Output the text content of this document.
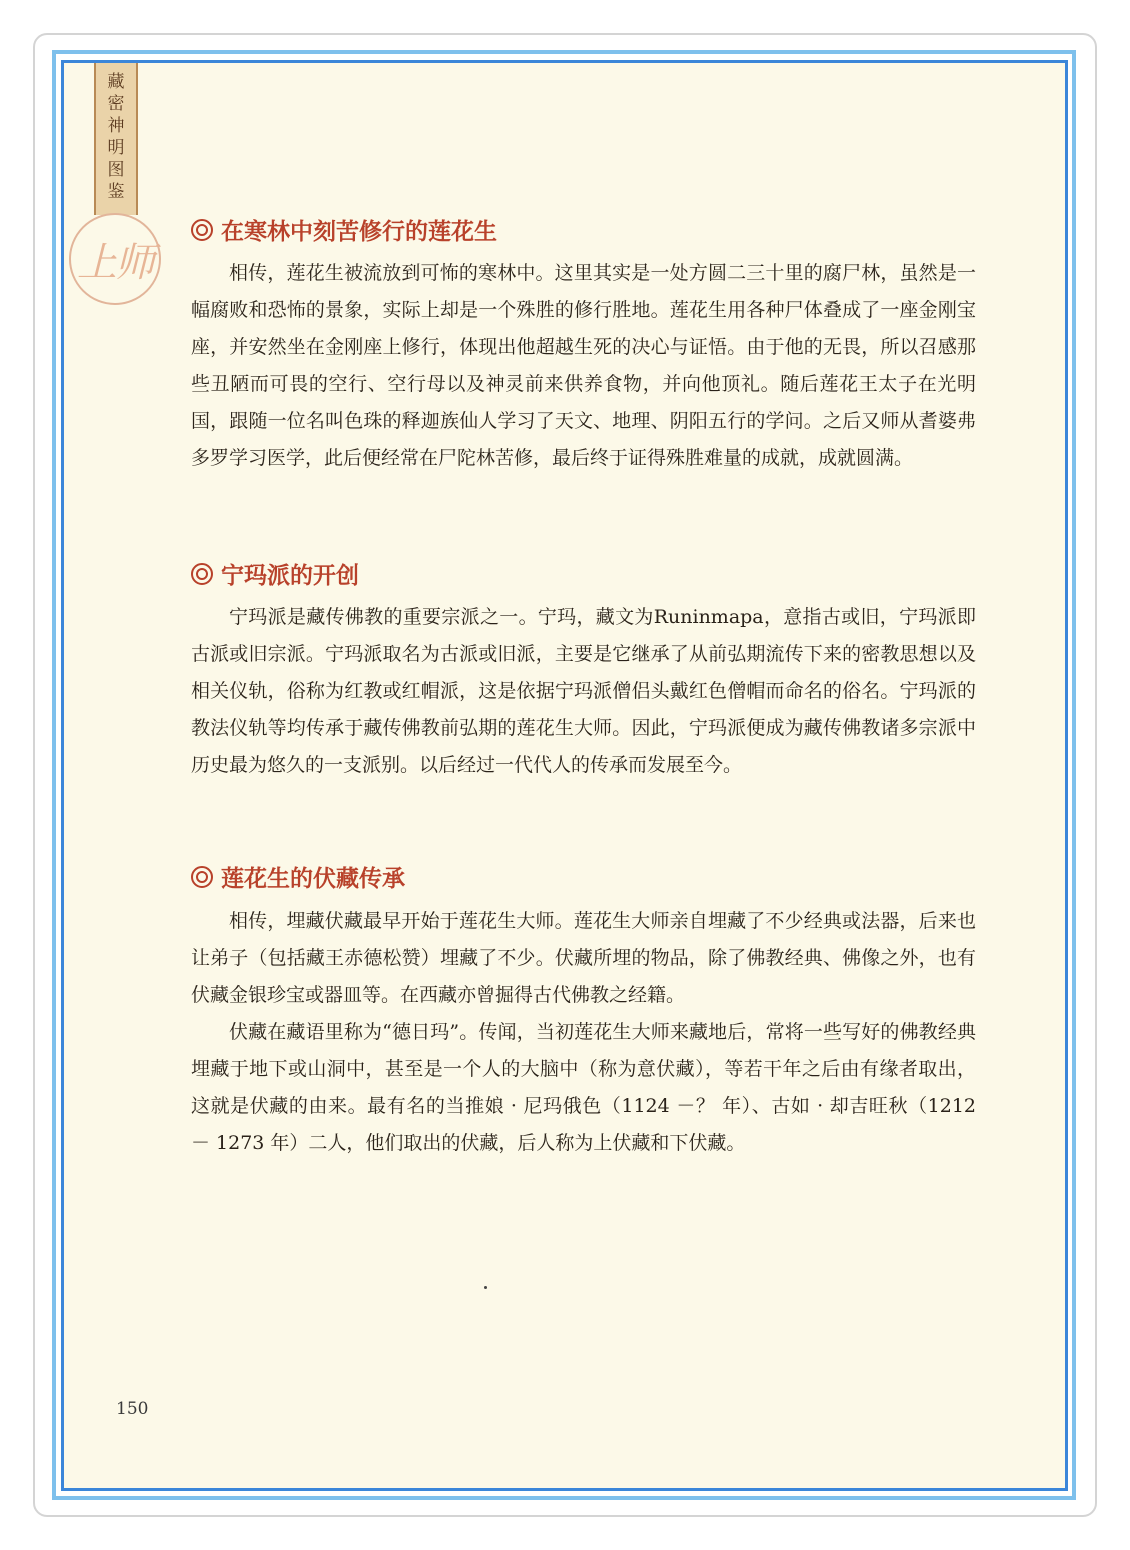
藏密神明图鉴
上师
在寒林中刻苦修行的莲花生

相传，莲花生被流放到可怖的寒林中。这里其实是一处方圆二三十里的腐尸林，虽然是一幅腐败和恐怖的景象，实际上却是一个殊胜的修行胜地。莲花生用各种尸体叠成了一座金刚宝座，并安然坐在金刚座上修行，体现出他超越生死的决心与证悟。由于他的无畏，所以召感那些丑陋而可畏的空行、空行母以及神灵前来供养食物，并向他顶礼。随后莲花王太子在光明国，跟随一位名叫色珠的释迦族仙人学习了天文、地理、阴阳五行的学问。之后又师从耆婆弗多罗学习医学，此后便经常在尸陀林苦修，最后终于证得殊胜难量的成就，成就圆满。

宁玛派的开创

宁玛派是藏传佛教的重要宗派之一。宁玛，藏文为Runinmapa，意指古或旧，宁玛派即古派或旧宗派。宁玛派取名为古派或旧派，主要是它继承了从前弘期流传下来的密教思想以及相关仪轨，俗称为红教或红帽派，这是依据宁玛派僧侣头戴红色僧帽而命名的俗名。宁玛派的教法仪轨等均传承于藏传佛教前弘期的莲花生大师。因此，宁玛派便成为藏传佛教诸多宗派中历史最为悠久的一支派别。以后经过一代代人的传承而发展至今。

莲花生的伏藏传承

相传，埋藏伏藏最早开始于莲花生大师。莲花生大师亲自埋藏了不少经典或法器，后来也让弟子（包括藏王赤德松赞）埋藏了不少。伏藏所埋的物品，除了佛教经典、佛像之外，也有伏藏金银珍宝或器皿等。在西藏亦曾掘得古代佛教之经籍。

伏藏在藏语里称为“德日玛”。传闻，当初莲花生大师来藏地后，常将一些写好的佛教经典埋藏于地下或山洞中，甚至是一个人的大脑中（称为意伏藏），等若干年之后由有缘者取出，这就是伏藏的由来。最有名的当推娘 · 尼玛俄色（1124 －？ 年）、古如 · 却吉旺秋（1212 － 1273 年）二人，他们取出的伏藏，后人称为上伏藏和下伏藏。

150
